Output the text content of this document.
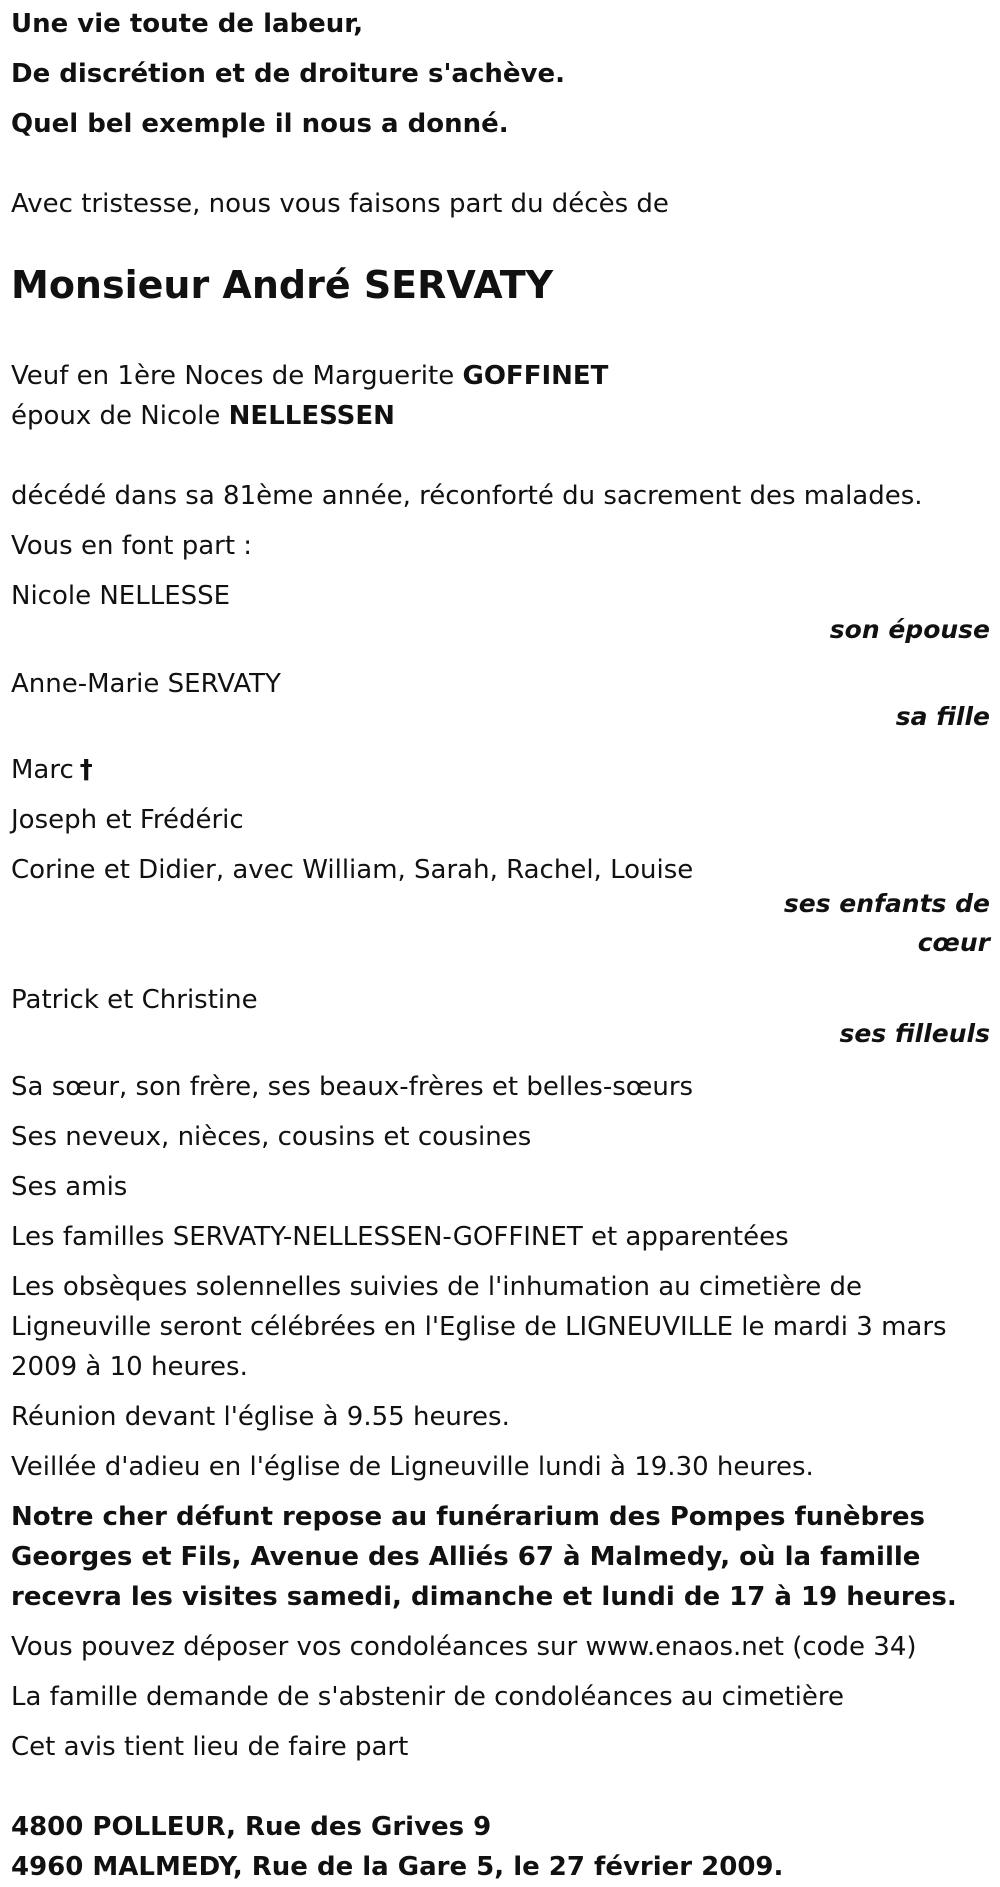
Une vie toute de labeur,

De discrétion et de droiture s'achève.

Quel bel exemple il nous a donné.

Avec tristesse, nous vous faisons part du décès de

Monsieur André SERVATY

Veuf en 1ère Noces de Marguerite GOFFINET

époux de Nicole NELLESSEN

décédé dans sa 81ème année, réconforté du sacrement des malades.

Vous en font part :

Nicole NELLESSE

son épouse

Anne-Marie SERVATY

sa fille

Marc †

Joseph et Frédéric

Corine et Didier, avec William, Sarah, Rachel, Louise

ses enfants de

cœur

Patrick et Christine

ses filleuls

Sa sœur, son frère, ses beaux-frères et belles-sœurs

Ses neveux, nièces, cousins et cousines

Ses amis

Les familles SERVATY-NELLESSEN-GOFFINET et apparentées

Les obsèques solennelles suivies de l'inhumation au cimetière de Ligneuville seront célébrées en l'Eglise de LIGNEUVILLE le mardi 3 mars 2009 à 10 heures.

Réunion devant l'église à 9.55 heures.

Veillée d'adieu en l'église de Ligneuville lundi à 19.30 heures.

Notre cher défunt repose au funérarium des Pompes funèbres Georges et Fils, Avenue des Alliés 67 à Malmedy, où la famille recevra les visites samedi, dimanche et lundi de 17 à 19 heures.

Vous pouvez déposer vos condoléances sur www.enaos.net (code 34)

La famille demande de s'abstenir de condoléances au cimetière

Cet avis tient lieu de faire part

4800 POLLEUR, Rue des Grives 9

4960 MALMEDY, Rue de la Gare 5, le 27 février 2009.
